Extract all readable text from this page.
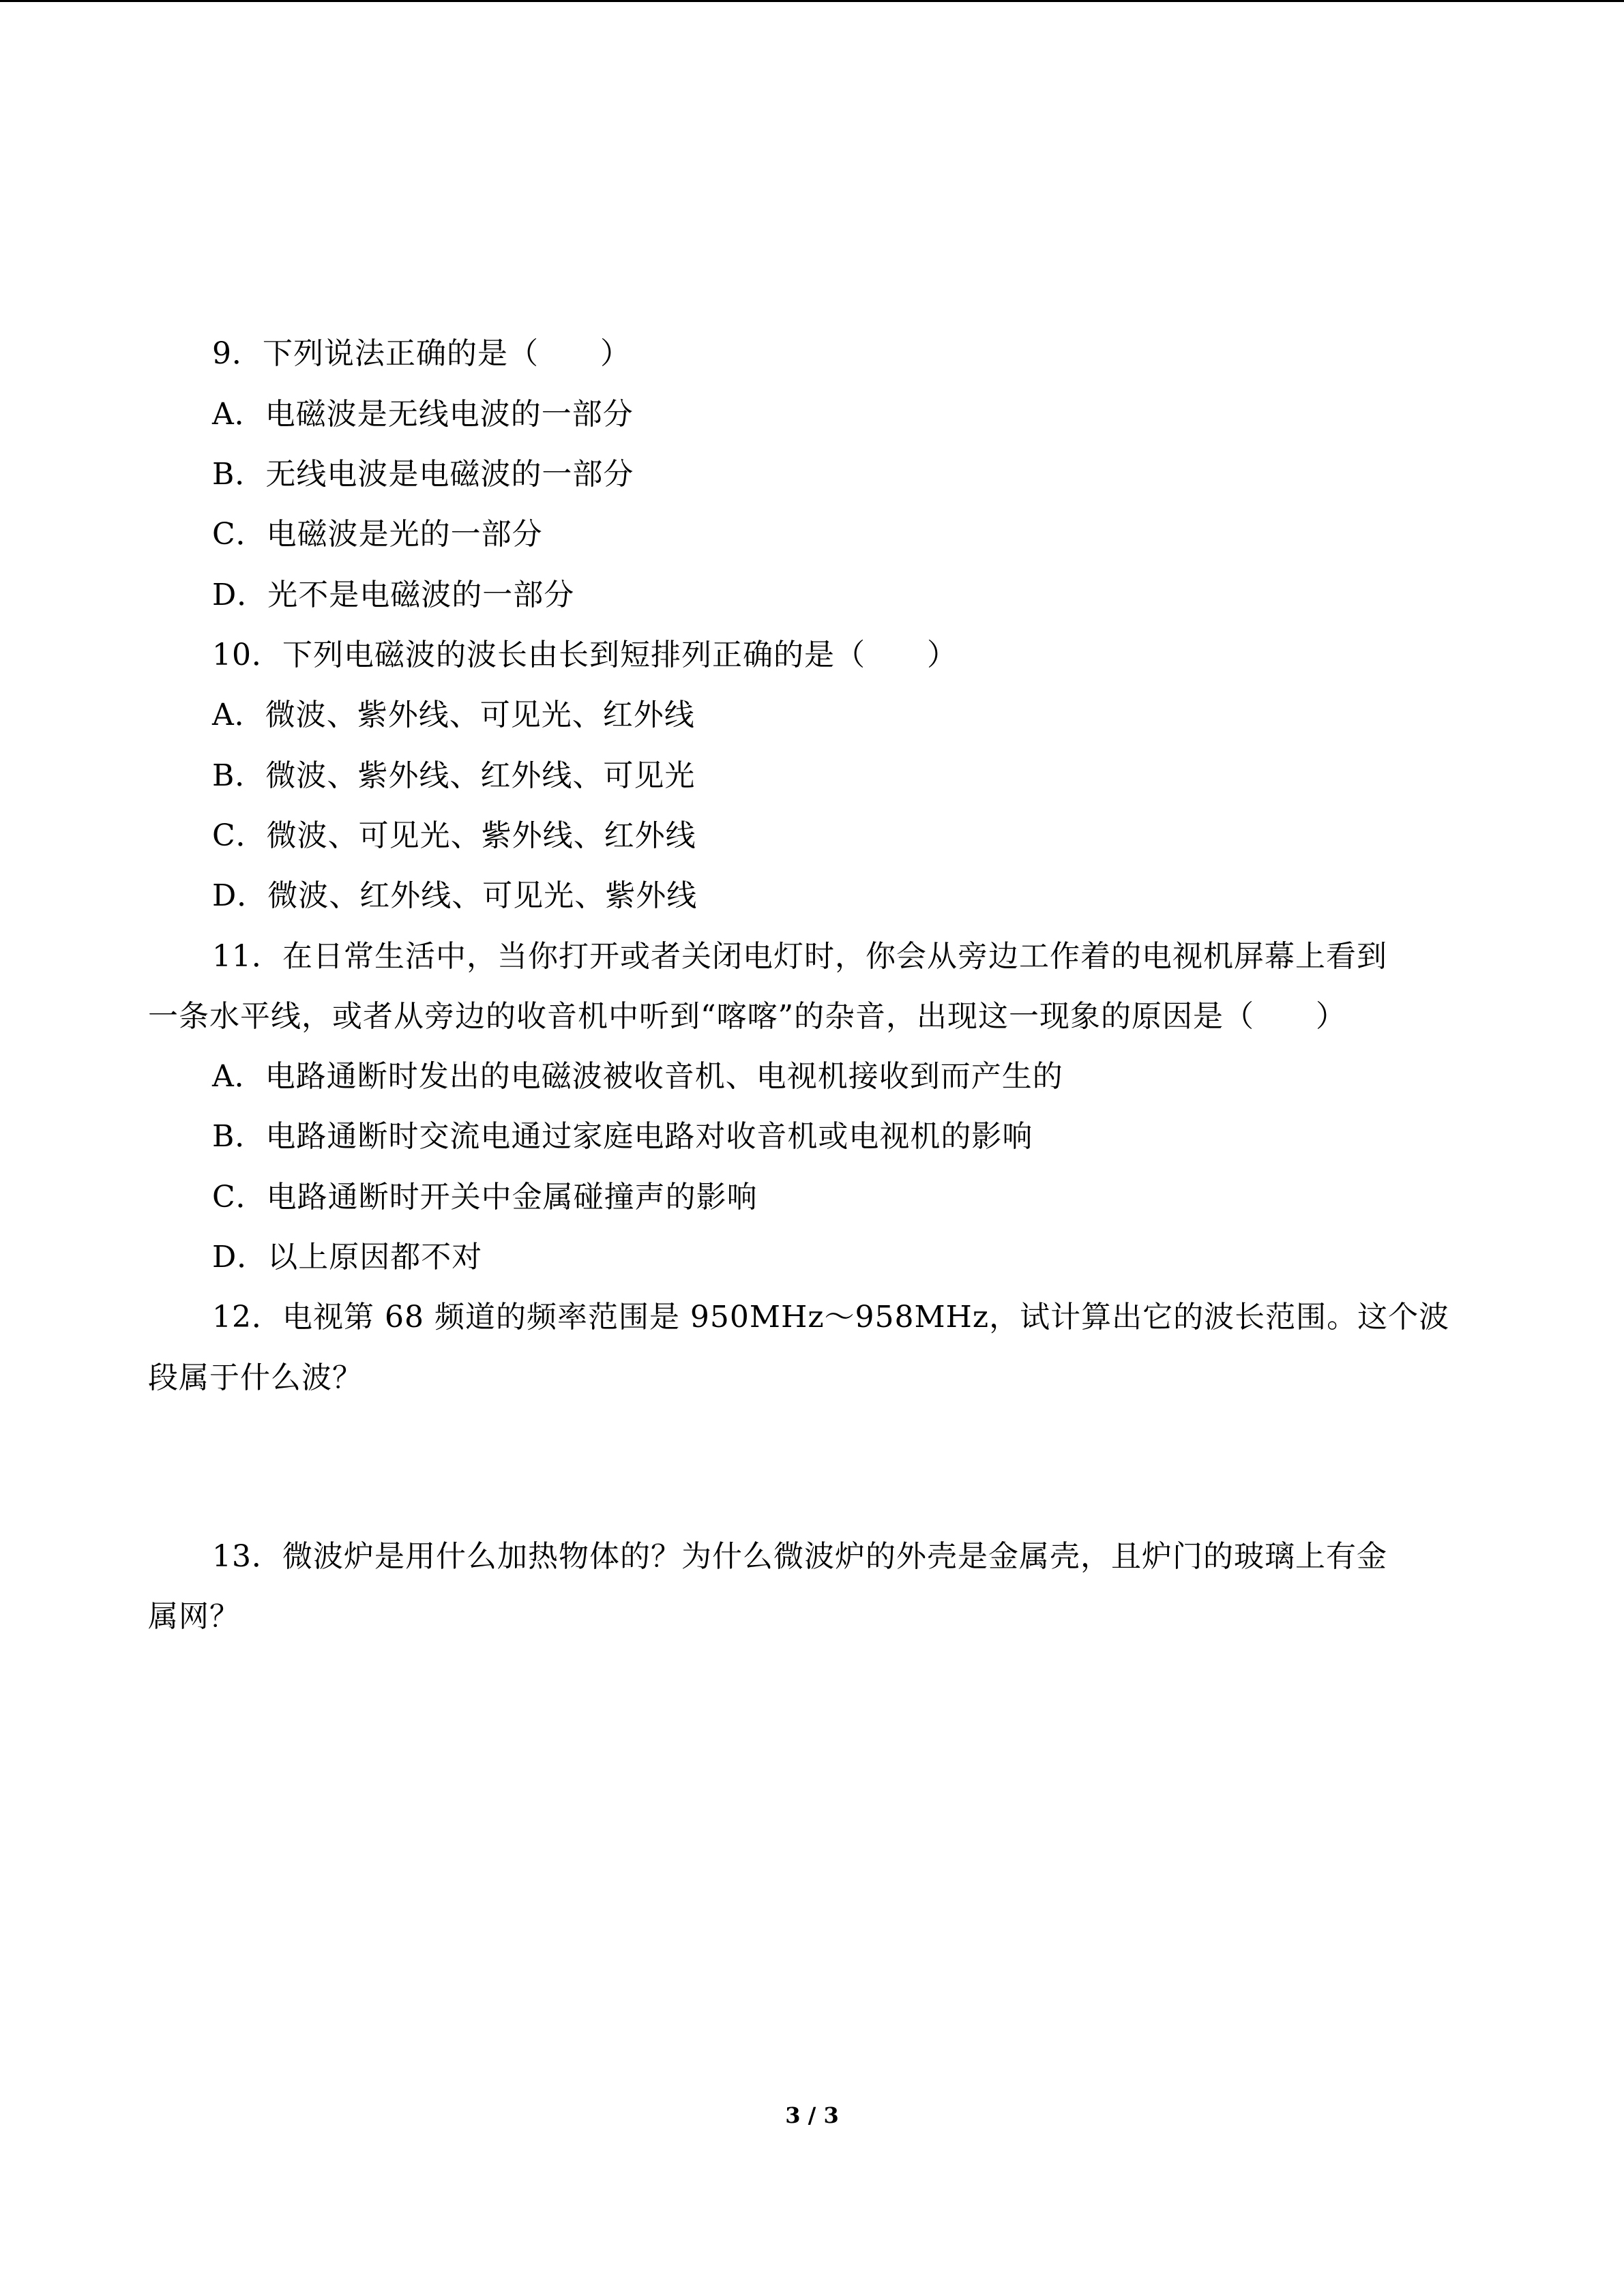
9．下列说法正确的是（　　）
A．电磁波是无线电波的一部分
B．无线电波是电磁波的一部分
C．电磁波是光的一部分
D．光不是电磁波的一部分
10．下列电磁波的波长由长到短排列正确的是（　　）
A．微波、紫外线、可见光、红外线
B．微波、紫外线、红外线、可见光
C．微波、可见光、紫外线、红外线
D．微波、红外线、可见光、紫外线
11．在日常生活中，当你打开或者关闭电灯时，你会从旁边工作着的电视机屏幕上看到
一条水平线，或者从旁边的收音机中听到“喀喀”的杂音，出现这一现象的原因是（　　）
A．电路通断时发出的电磁波被收音机、电视机接收到而产生的
B．电路通断时交流电通过家庭电路对收音机或电视机的影响
C．电路通断时开关中金属碰撞声的影响
D．以上原因都不对
12．电视第 68 频道的频率范围是 950MHz～958MHz，试计算出它的波长范围。这个波
段属于什么波？
13．微波炉是用什么加热物体的？为什么微波炉的外壳是金属壳，且炉门的玻璃上有金
属网？
3 / 3
